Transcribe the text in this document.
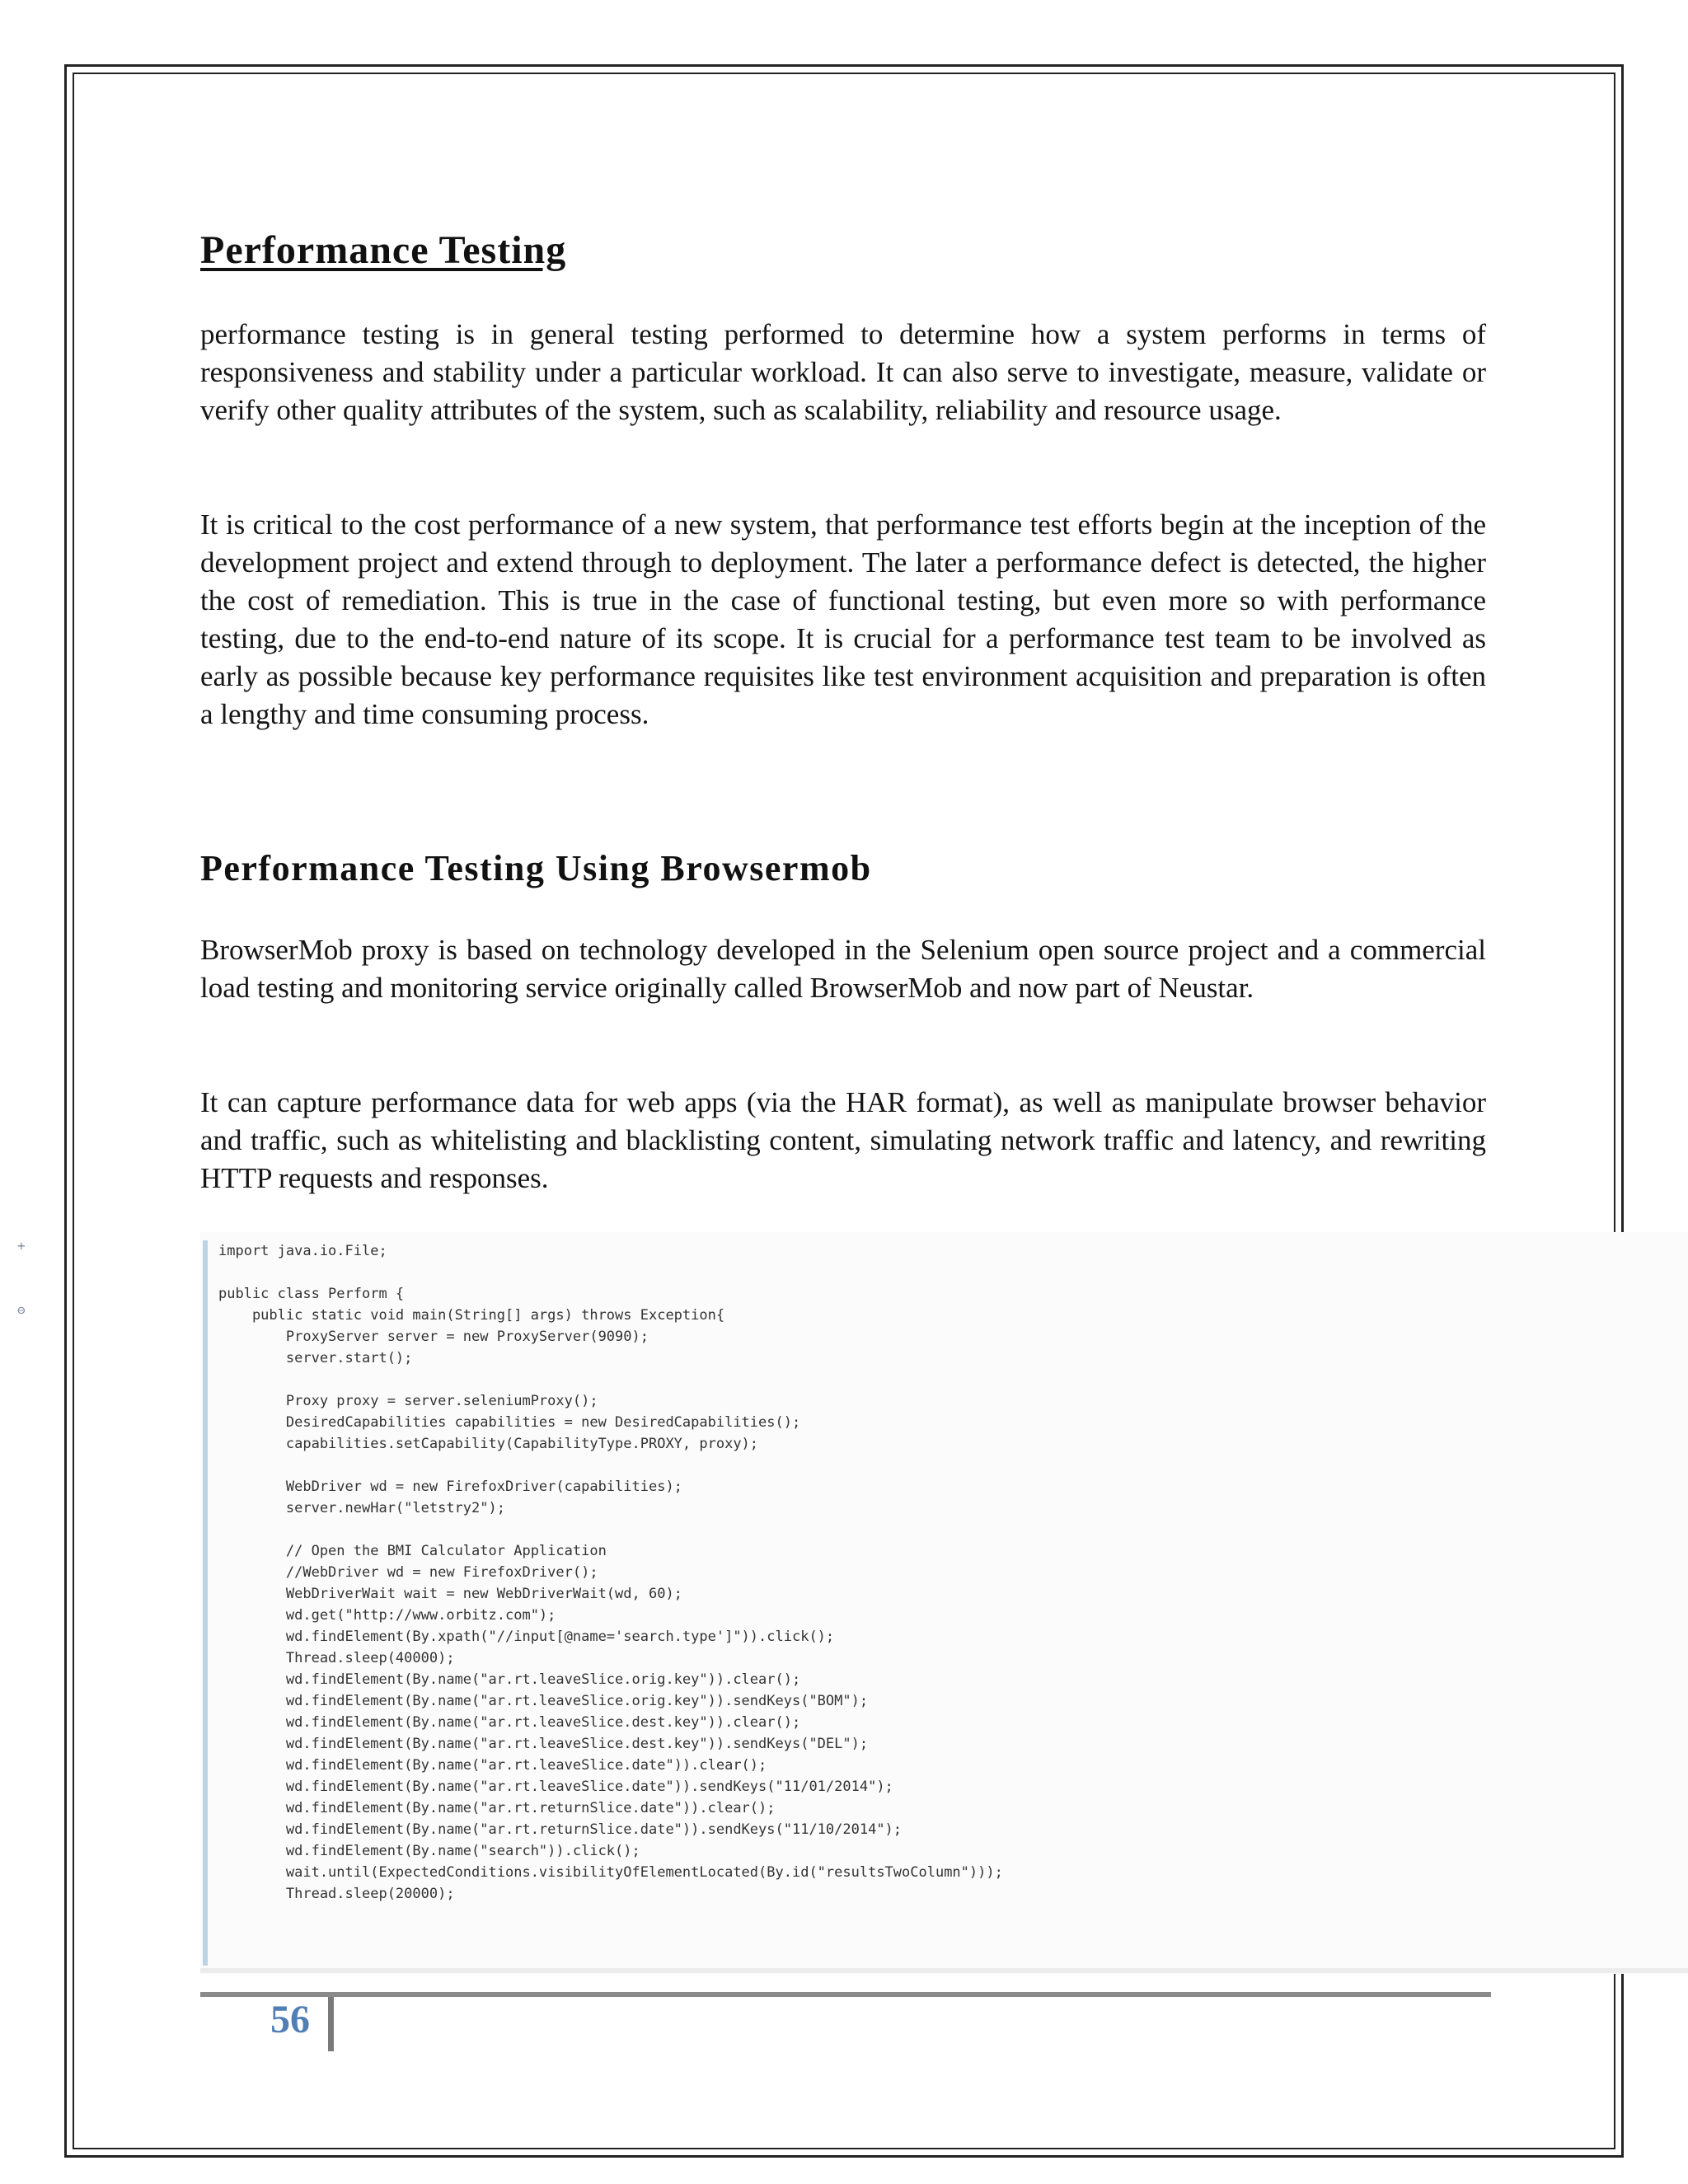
Performance Testing

performance testing is in general testing performed to determine how a system performs in terms of responsiveness and stability under a particular workload. It can also serve to investigate, measure, validate or verify other quality attributes of the system, such as scalability, reliability and resource usage.

It is critical to the cost performance of a new system, that performance test efforts begin at the inception of the development project and extend through to deployment. The later a performance defect is detected, the higher the cost of remediation. This is true in the case of functional testing, but even more so with performance testing, due to the end-to-end nature of its scope. It is crucial for a performance test team to be involved as early as possible because key performance requisites like test environment acquisition and preparation is often a lengthy and time consuming process.

Performance Testing Using Browsermob

BrowserMob proxy is based on technology developed in the Selenium open source project and a commercial load testing and monitoring service originally called BrowserMob and now part of Neustar.

It can capture performance data for web apps (via the HAR format), as well as manipulate browser behavior and traffic, such as whitelisting and blacklisting content, simulating network traffic and latency, and rewriting HTTP requests and responses.

import java.io.File;
public class Perform {
public static void main(String[] args) throws Exception{
ProxyServer server = new ProxyServer(9090);
server.start();
Proxy proxy = server.seleniumProxy();
DesiredCapabilities capabilities = new DesiredCapabilities();
capabilities.setCapability(CapabilityType.PROXY, proxy);
WebDriver wd = new FirefoxDriver(capabilities);
server.newHar("letstry2");
// Open the BMI Calculator Application
//WebDriver wd = new FirefoxDriver();
WebDriverWait wait = new WebDriverWait(wd, 60);
wd.get("http://www.orbitz.com");
wd.findElement(By.xpath("//input[@name='search.type']")).click();
Thread.sleep(40000);
wd.findElement(By.name("ar.rt.leaveSlice.orig.key")).clear();
wd.findElement(By.name("ar.rt.leaveSlice.orig.key")).sendKeys("BOM");
wd.findElement(By.name("ar.rt.leaveSlice.dest.key")).clear();
wd.findElement(By.name("ar.rt.leaveSlice.dest.key")).sendKeys("DEL");
wd.findElement(By.name("ar.rt.leaveSlice.date")).clear();
wd.findElement(By.name("ar.rt.leaveSlice.date")).sendKeys("11/01/2014");
wd.findElement(By.name("ar.rt.returnSlice.date")).clear();
wd.findElement(By.name("ar.rt.returnSlice.date")).sendKeys("11/10/2014");
wd.findElement(By.name("search")).click();
wait.until(ExpectedConditions.visibilityOfElementLocated(By.id("resultsTwoColumn")));
Thread.sleep(20000);
+
⊖

56
